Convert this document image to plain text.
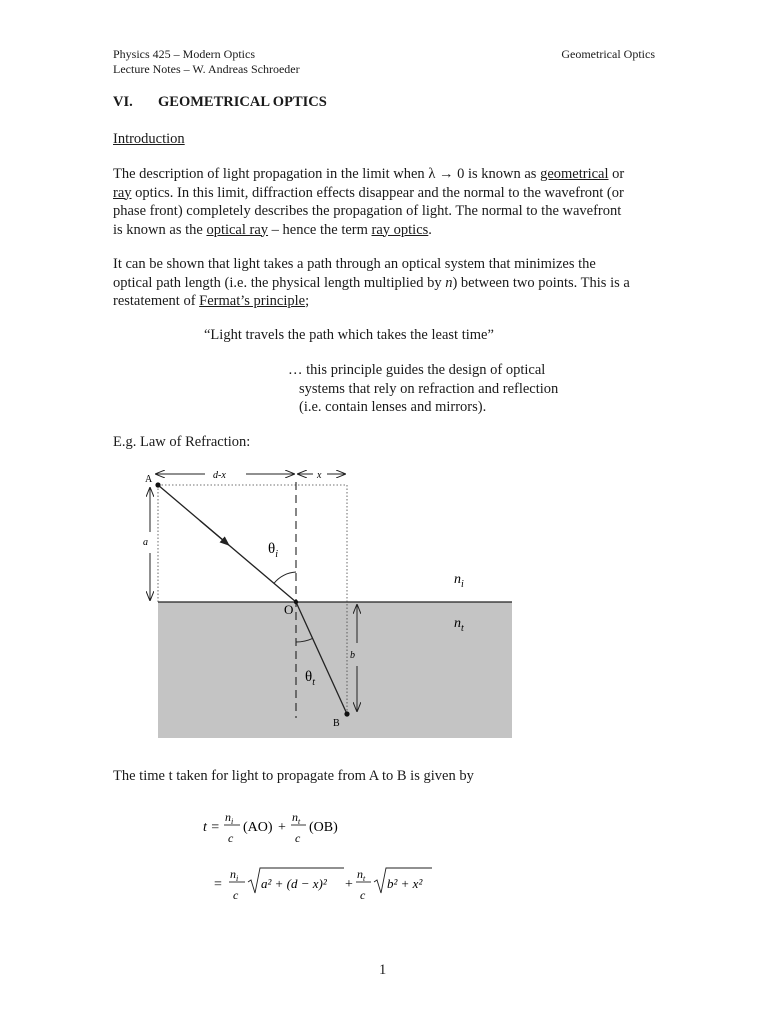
Physics 425 – Modern Optics
Lecture Notes – W. Andreas Schroeder
Geometrical Optics
VI. GEOMETRICAL OPTICS
Introduction
The description of light propagation in the limit when λ → 0 is known as geometrical or
ray optics. In this limit, diffraction effects disappear and the normal to the wavefront (or
phase front) completely describes the propagation of light. The normal to the wavefront
is known as the optical ray – hence the term ray optics.
It can be shown that light takes a path through an optical system that minimizes the
optical path length (i.e. the physical length multiplied by n) between two points. This is a
restatement of Fermat’s principle;
“Light travels the path which takes the least time”
… this principle guides the design of optical
systems that rely on refraction and reflection
(i.e. contain lenses and mirrors).
E.g. Law of Refraction:
A
B
O
d-x	x
a
b
$\theta_i$
$\theta_t$
$n_i$
$n_t$
The time t taken for light to propagate from A to B is given by
t =
$n_i$
c
(AO) +
$n_t$
c
(OB)
=
$n_i$
c
a² + (d − x)² +
$n_t$
c
b² + x²
1
